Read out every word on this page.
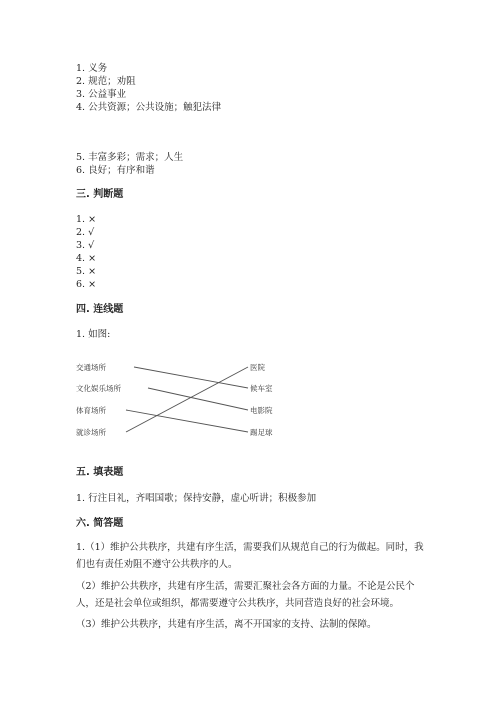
1. 义务
2. 规范；劝阻
3. 公益事业
4. 公共资源；公共设施；触犯法律
5. 丰富多彩；需求；人生
6. 良好；有序和谐
三. 判断题
1. ×
2. √
3. √
4. ×
5. ×
6. ×
四. 连线题
1. 如图:
交通场所
文化娱乐场所
体育场所
就诊场所
医院
候车室
电影院
踢足球
五. 填表题
1. 行注目礼，齐唱国歌；保持安静，虚心听讲；积极参加
六. 简答题
1.（1）维护公共秩序，共建有序生活，需要我们从规范自己的行为做起。同时，我们也有责任劝阻不遵守公共秩序的人。
（2）维护公共秩序，共建有序生活，需要汇聚社会各方面的力量。不论是公民个人，还是社会单位或组织，都需要遵守公共秩序，共同营造良好的社会环境。
（3）维护公共秩序，共建有序生活，离不开国家的支持、法制的保障。
